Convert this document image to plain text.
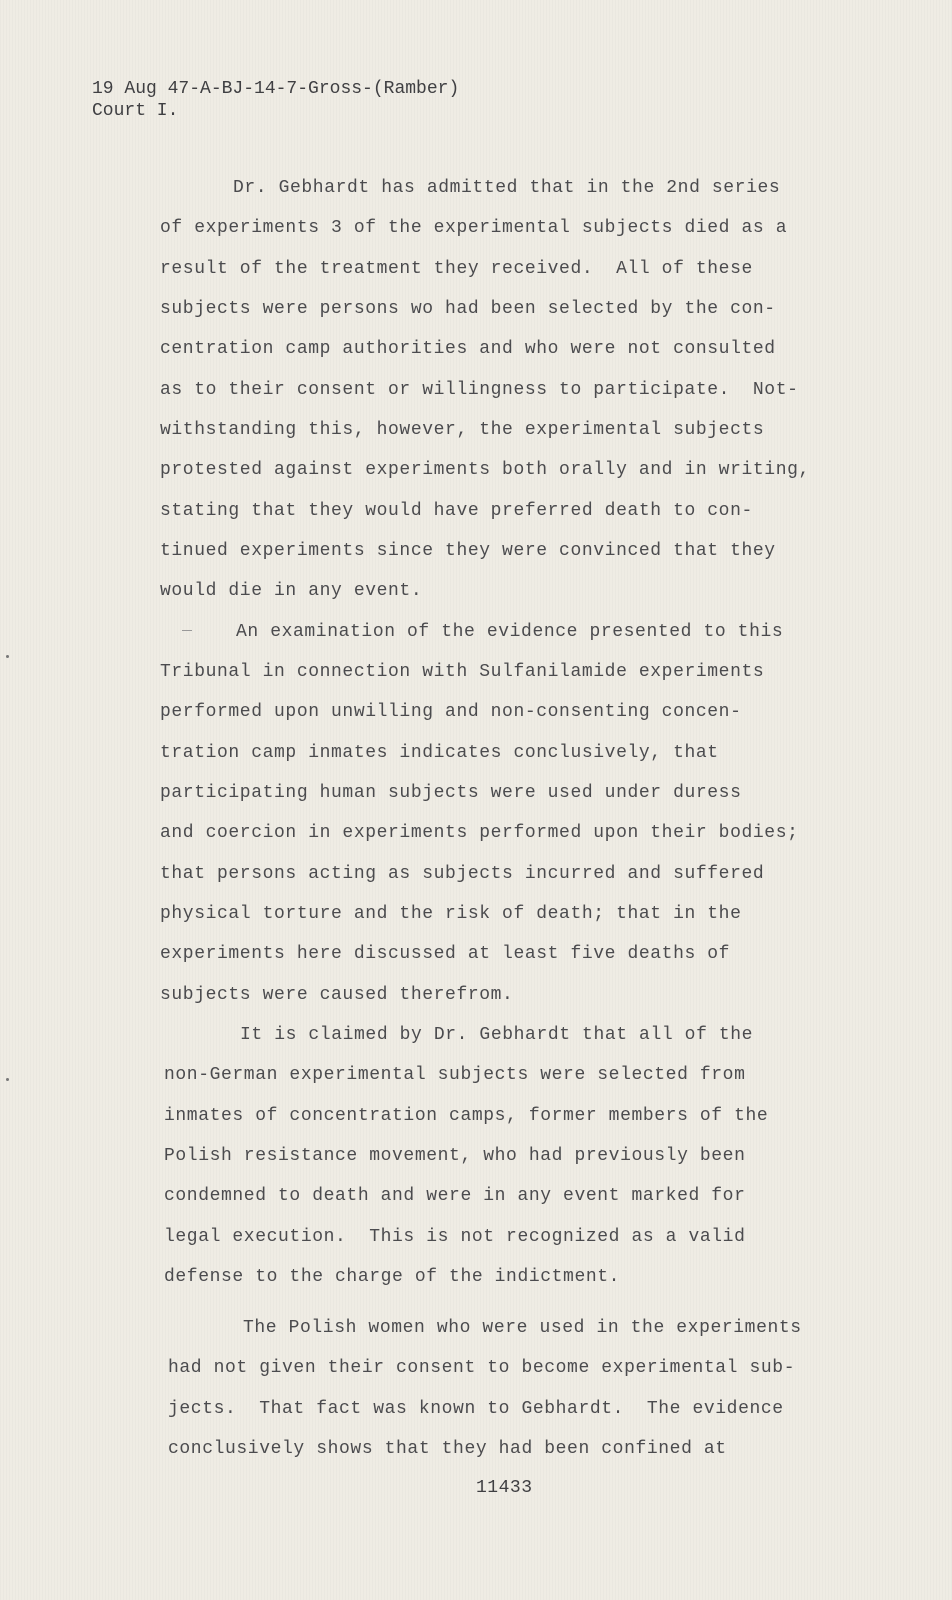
19 Aug 47-A-BJ-14-7-Gross-(Ramber)
Court I.
Dr. Gebhardt has admitted that in the 2nd series
of experiments 3 of the experimental subjects died as a
result of the treatment they received.  All of these
subjects were persons wo had been selected by the con-
centration camp authorities and who were not consulted
as to their consent or willingness to participate.  Not-
withstanding this, however, the experimental subjects
protested against experiments both orally and in writing,
stating that they would have preferred death to con-
tinued experiments since they were convinced that they
would die in any event.
An examination of the evidence presented to this
Tribunal in connection with Sulfanilamide experiments
performed upon unwilling and non-consenting concen-
tration camp inmates indicates conclusively, that
participating human subjects were used under duress
and coercion in experiments performed upon their bodies;
that persons acting as subjects incurred and suffered
physical torture and the risk of death; that in the
experiments here discussed at least five deaths of
subjects were caused therefrom.
It is claimed by Dr. Gebhardt that all of the
non-German experimental subjects were selected from
inmates of concentration camps, former members of the
Polish resistance movement, who had previously been
condemned to death and were in any event marked for
legal execution.  This is not recognized as a valid
defense to the charge of the indictment.
The Polish women who were used in the experiments
had not given their consent to become experimental sub-
jects.  That fact was known to Gebhardt.  The evidence
conclusively shows that they had been confined at
11433
